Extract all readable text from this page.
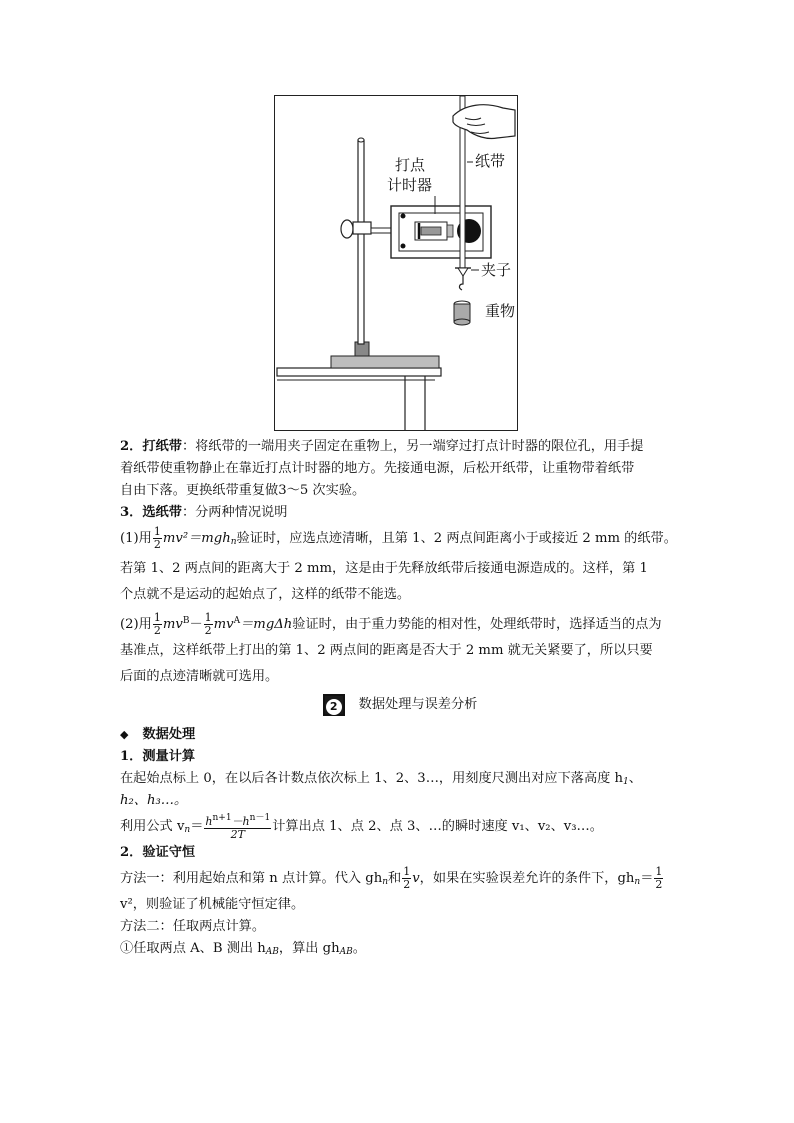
打点
计时器
纸带
夹子
重物
2．打纸带：将纸带的一端用夹子固定在重物上，另一端穿过打点计时器的限位孔，用手提
着纸带使重物静止在靠近打点计时器的地方。先接通电源，后松开纸带，让重物带着纸带
自由下落。更换纸带重复做3～5 次实验。
3．选纸带：分两种情况说明
(1)用 $\frac{1}{2} mv^2=mgh_n$验证时，应选点迹清晰，且第 1、2 两点间距离小于或接近 2 mm 的纸带。
若第 1、2 两点间的距离大于 2 mm，这是由于先释放纸带后接通电源造成的。这样，第 1
个点就不是运动的起始点了，这样的纸带不能选。
(2)用 $\frac{1}{2} mv^B- \frac{1}{2} mv^A=mg\Delta h$验证时，由于重力势能的相对性，处理纸带时，选择适当的点为
基准点，这样纸带上打出的第 1、2 两点间的距离是否大于 2 mm 就无关紧要了，所以只要
后面的点迹清晰就可选用。
2 数据处理与误差分析
◆ 数据处理
1．测量计算
在起始点标上 0，在以后各计数点依次标上 1、2、3…，用刻度尺测出对应下落高度 $h_1$、
h₂、h₃…。
利用公式 $v_n= \frac{h^{n+1}-h^{n-1}}{2T}$ 计算出点 1、点 2、点 3、…的瞬时速度 v₁、v₂、v₃…。
2．验证守恒
方法一：利用起始点和第 n 点计算。代入 $gh_n$和 $\frac{1}{2}$ v，如果在实验误差允许的条件下，$gh_n= \frac{1}{2}$
v²，则验证了机械能守恒定律。
方法二：任取两点计算。
①任取两点 A、B 测出 $h_{AB}$，算出 $gh_{AB}$。
